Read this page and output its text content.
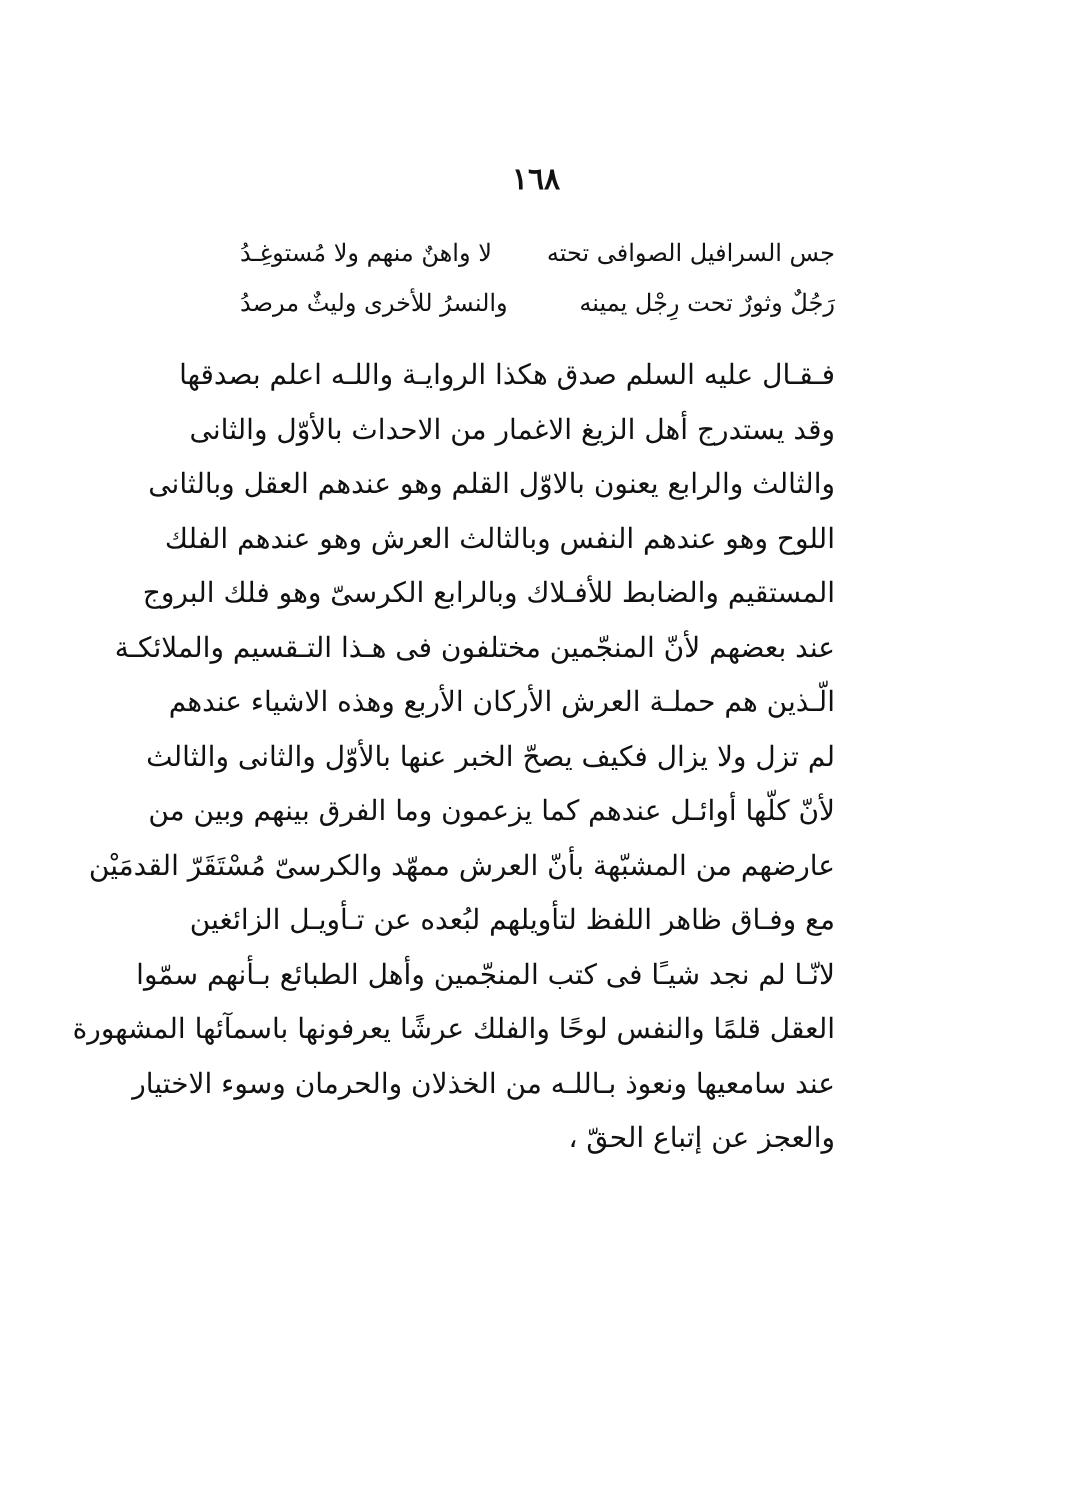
١٦٨
جس السرافيل الصوافى تحته
لا واهنٌ منهم ولا مُستوغِـدُ
رَجُلٌ وثورٌ تحت رِجْل يمينه
والنسرُ للأخرى وليثٌ مرصدُ
فـقـال عليه السلم صدق هكذا الروايـة واللـه اعلم بصدقها
وقد يستدرج أهل الزيغ الاغمار من الاحداث بالأوّل والثانى
والثالث والرابع يعنون بالاوّل القلم وهو عندهم العقل وبالثانى
اللوح وهو عندهم النفس وبالثالث العرش وهو عندهم الفلك
المستقيم والضابط للأفـلاك وبالرابع الكرسىّ وهو فلك البروج
عند بعضهم لأنّ المنجّمين مختلفون فى هـذا التـقسيم والملائكـة
الّـذين هم حملـة العرش الأركان الأربع وهذه الاشياء عندهم
لم تزل ولا يزال فكيف يصحّ الخبر عنها بالأوّل والثانى والثالث
لأنّ كلّها أوائـل عندهم كما يزعمون وما الفرق بينهم وبين من
عارضهم من المشبّهة بأنّ العرش ممهّد والكرسىّ مُسْتَقَرّ القدمَيْن
مع وفـاق ظاهر اللفظ لتأويلهم لبُعده عن تـأويـل الزائغين
لانّـا لم نجد شيـًا فى كتب المنجّمين وأهل الطبائع بـأنهم سمّوا
العقل قلمًا والنفس لوحًا والفلك عرشًا يعرفونها باسمآئها المشهورة
عند سامعيها ونعوذ بـاللـه من الخذلان والحرمان وسوء الاختيار
والعجز عن إتباع الحقّ ،
